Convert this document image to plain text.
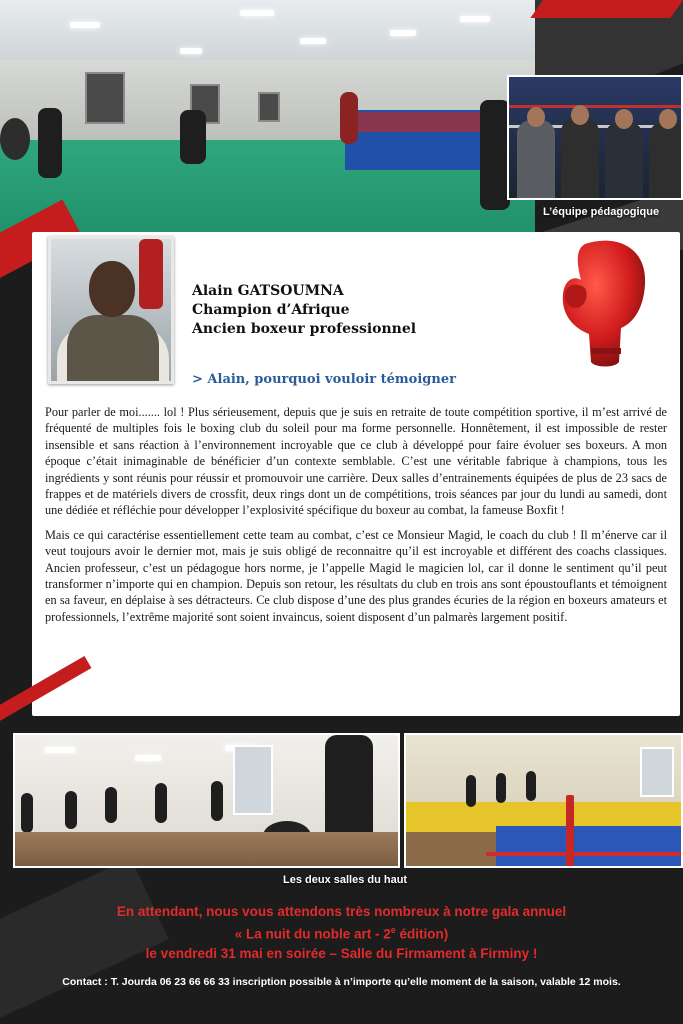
L’équipe pédagogique
Alain GATSOUMNA
Champion d’Afrique
Ancien boxeur professionnel
> Alain, pourquoi vouloir témoigner

Pour parler de moi....... lol ! Plus sérieusement, depuis que je suis en retraite de toute compétition sportive, il m’est arrivé de fréquenté de multiples fois le boxing club du soleil pour ma forme personnelle. Honnêtement, il est impossible de rester insensible et sans réaction à l’environnement incroyable que ce club à développé pour faire évoluer ses boxeurs. A mon époque c’était inimaginable de bénéficier d’un contexte semblable. C’est une véritable fabrique à champions, tous les ingrédients y sont réunis pour réussir et promouvoir une carrière. Deux salles d’entrainements équipées de plus de 23 sacs de frappes et de matériels divers de crossfit, deux rings dont un de compétitions, trois séances par jour du lundi au samedi, dont une dédiée et réfléchie pour développer l’explosivité spécifique du boxeur au combat, la fameuse Boxfit !

Mais ce qui caractérise essentiellement cette team au combat, c’est ce Monsieur Magid, le coach du club ! Il m’énerve car il veut toujours avoir le dernier mot, mais je suis obligé de reconnaitre qu’il est incroyable et différent des coachs classiques. Ancien professeur, c’est un pédagogue hors norme, je l’appelle Magid le magicien lol, car il donne le sentiment qu’il peut transformer n’importe qui en champion. Depuis son retour, les résultats du club en trois ans sont époustouflants et témoignent en sa faveur, en déplaise à ses détracteurs. Ce club dispose d’une des plus grandes écuries de la région en boxeurs amateurs et professionnels, l’extrême majorité sont soient invaincus, soient disposent d’un palmarès largement positif.

Les deux salles du haut
En attendant, nous vous attendons très nombreux à notre gala annuel
« La nuit du noble art - 2e édition)
le vendredi 31 mai en soirée – Salle du Firmament à Firminy !
Contact : T. Jourda 06 23 66 66 33 inscription possible à n’importe qu’elle moment de la saison, valable 12 mois.
